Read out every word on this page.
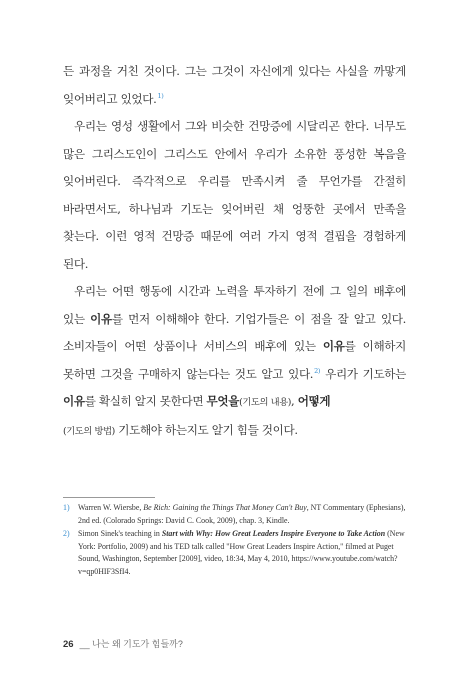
든 과정을 거친 것이다. 그는 그것이 자신에게 있다는 사실을 까맣게 잊어버리고 있었다.$^{1)}$

우리는 영성 생활에서 그와 비슷한 건망증에 시달리곤 한다. 너무도 많은 그리스도인이 그리스도 안에서 우리가 소유한 풍성한 복음을 잊어버린다. 즉각적으로 우리를 만족시켜 줄 무언가를 간절히 바라면서도, 하나님과 기도는 잊어버린 채 엉뚱한 곳에서 만족을 찾는다. 이런 영적 건망증 때문에 여러 가지 영적 결핍을 경험하게 된다.

우리는 어떤 행동에 시간과 노력을 투자하기 전에 그 일의 배후에 있는 이유를 먼저 이해해야 한다. 기업가들은 이 점을 잘 알고 있다. 소비자들이 어떤 상품이나 서비스의 배후에 있는 이유를 이해하지 못하면 그것을 구매하지 않는다는 것도 알고 있다.$^{2)}$ 우리가 기도하는 이유를 확실히 알지 못한다면 무엇을(기도의 내용), 어떻게
(기도의 방법) 기도해야 하는지도 알기 힘들 것이다.

1) Warren W. Wiersbe, Be Rich: Gaining the Things That Money Can't Buy, NT Commentary (Ephesians), 2nd ed. (Colorado Springs: David C. Cook, 2009), chap. 3, Kindle.
2) Simon Sinek's teaching in Start with Why: How Great Leaders Inspire Everyone to Take Action (New York: Portfolio, 2009) and his TED talk called "How Great Leaders Inspire Action," filmed at Puget Sound, Washington, September [2009], video, 18:34, May 4, 2010, https://www.youtube.com/watch?v=qp0HIF3SfI4.
26 __ 나는 왜 기도가 힘들까?
